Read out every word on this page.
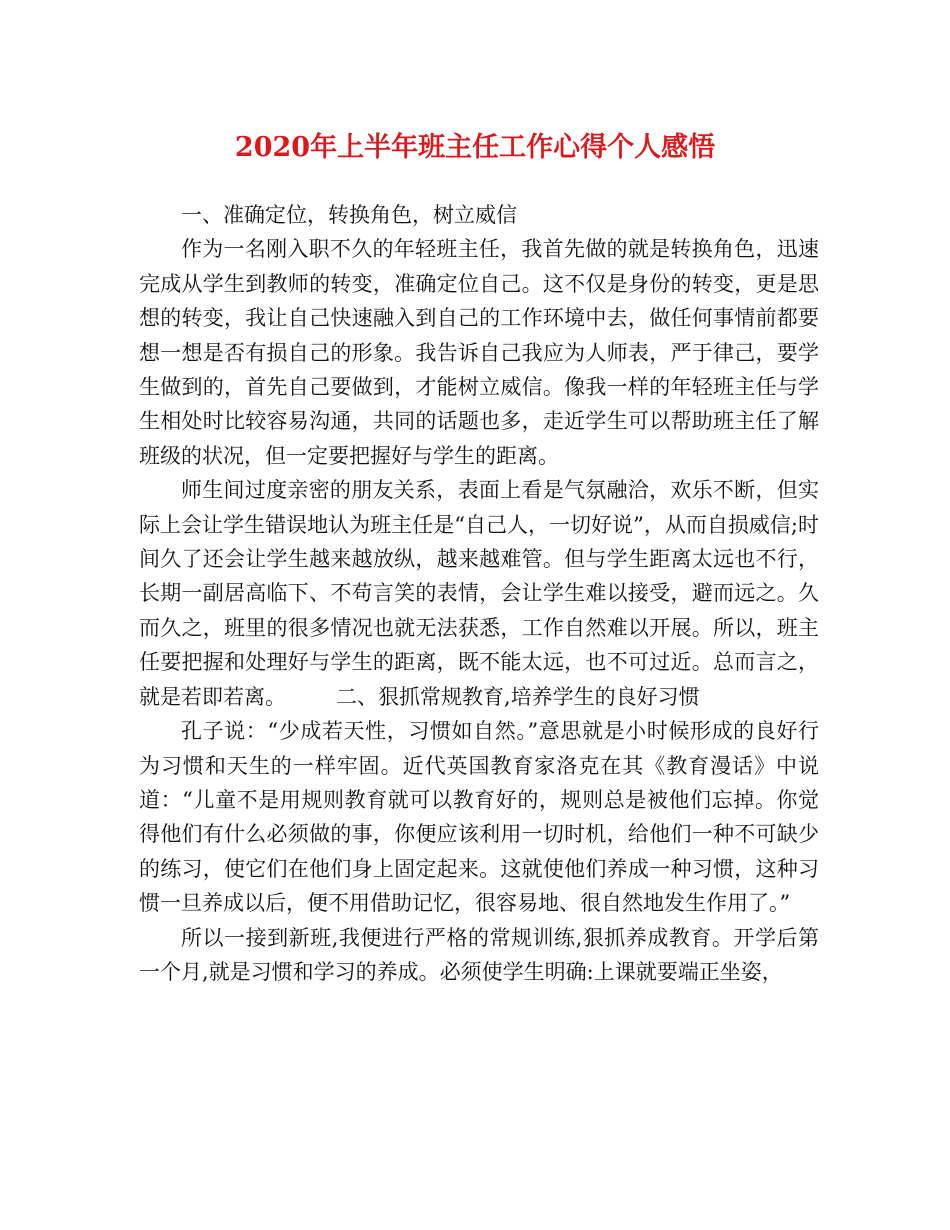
2020年上半年班主任工作心得个人感悟

一、准确定位，转换角色，树立威信

作为一名刚入职不久的年轻班主任，我首先做的就是转换角色，迅速完成从学生到教师的转变，准确定位自己。这不仅是身份的转变，更是思想的转变，我让自己快速融入到自己的工作环境中去，做任何事情前都要想一想是否有损自己的形象。我告诉自己我应为人师表，严于律己，要学生做到的，首先自己要做到，才能树立威信。像我一样的年轻班主任与学生相处时比较容易沟通，共同的话题也多，走近学生可以帮助班主任了解班级的状况，但一定要把握好与学生的距离。

师生间过度亲密的朋友关系，表面上看是气氛融洽，欢乐不断，但实际上会让学生错误地认为班主任是“自己人，一切好说”，从而自损威信;时间久了还会让学生越来越放纵，越来越难管。但与学生距离太远也不行，长期一副居高临下、不苟言笑的表情，会让学生难以接受，避而远之。久而久之，班里的很多情况也就无法获悉，工作自然难以开展。所以，班主任要把握和处理好与学生的距离，既不能太远，也不可过近。总而言之，就是若即若离。 二、狠抓常规教育,培养学生的良好习惯

孔子说：“少成若天性，习惯如自然。”意思就是小时候形成的良好行为习惯和天生的一样牢固。近代英国教育家洛克在其《教育漫话》中说道：“儿童不是用规则教育就可以教育好的，规则总是被他们忘掉。你觉得他们有什么必须做的事，你便应该利用一切时机，给他们一种不可缺少的练习，使它们在他们身上固定起来。这就使他们养成一种习惯，这种习惯一旦养成以后，便不用借助记忆，很容易地、很自然地发生作用了。”

所以一接到新班,我便进行严格的常规训练,狠抓养成教育。开学后第一个月,就是习惯和学习的养成。必须使学生明确:上课就要端正坐姿，
